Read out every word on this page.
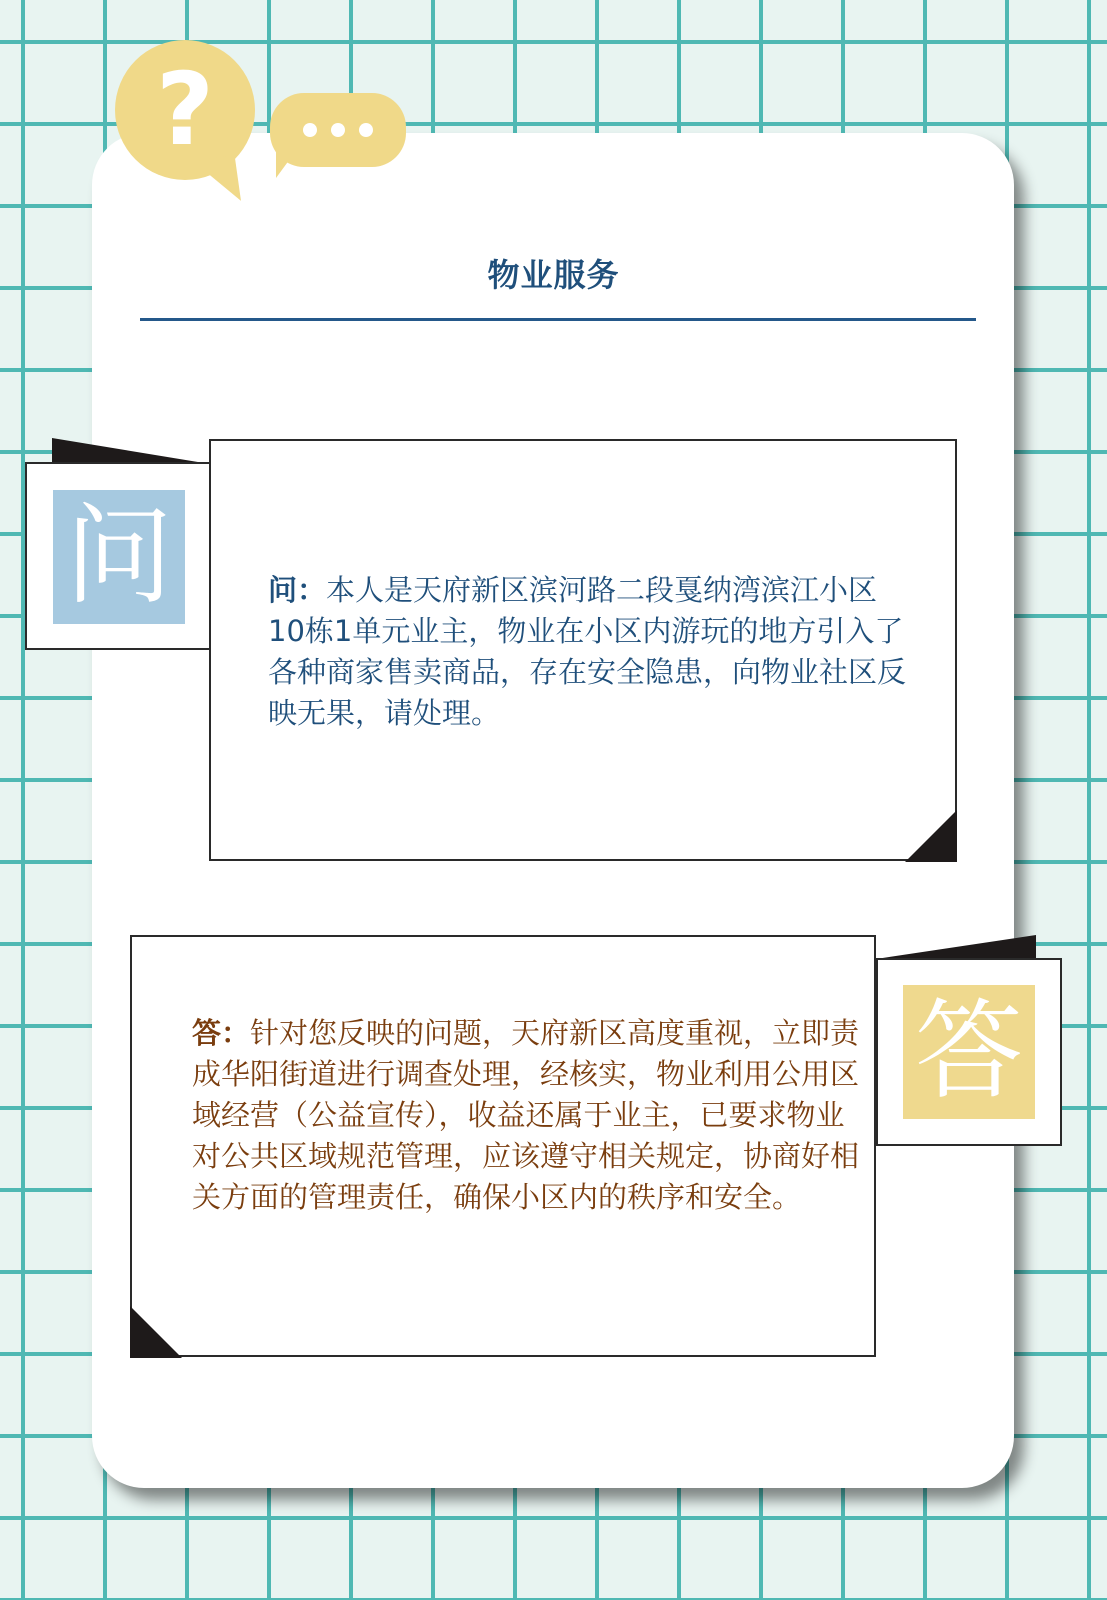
?
物业服务
问	问：本人是天府新区滨河路二段戛纳湾滨江小区10栋1单元业主，物业在小区内游玩的地方引入了各种商家售卖商品，存在安全隐患，向物业社区反映无果，请处理。
答
答：针对您反映的问题，天府新区高度重视，立即责成华阳街道进行调查处理，经核实，物业利用公用区域经营（公益宣传），收益还属于业主，已要求物业对公共区域规范管理，应该遵守相关规定，协商好相关方面的管理责任，确保小区内的秩序和安全。
